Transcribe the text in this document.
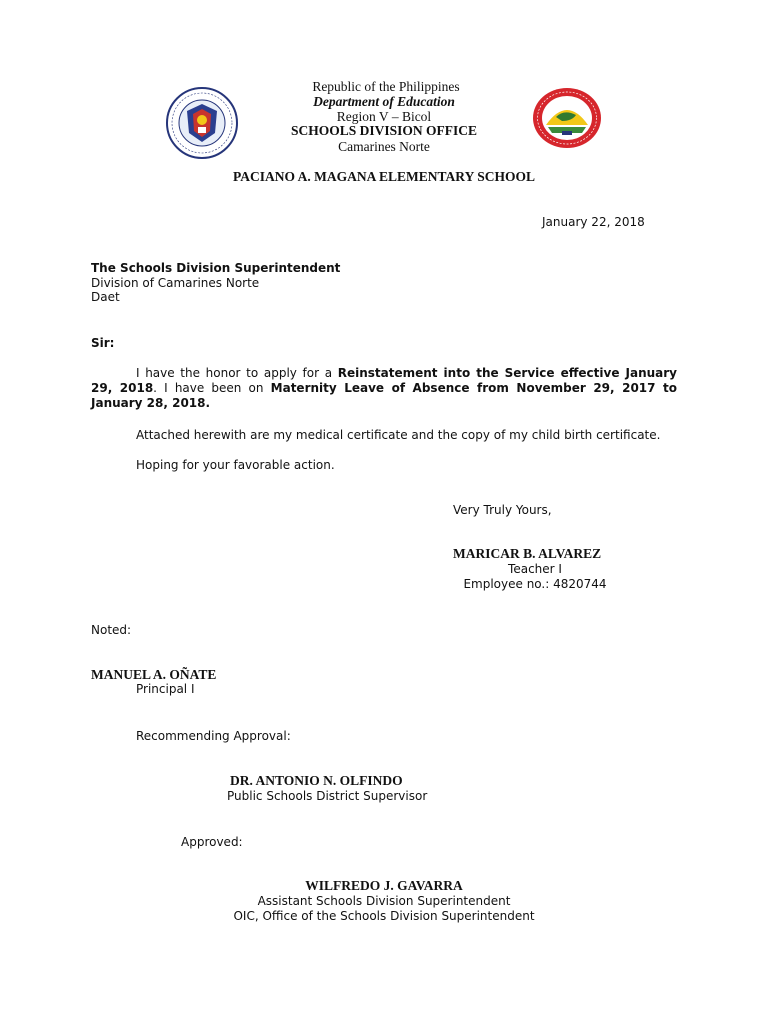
Republic of the Philippines
Department of Education
Region V – Bicol
SCHOOLS DIVISION OFFICE
Camarines Norte
PACIANO A. MAGANA ELEMENTARY SCHOOL
January 22, 2018
The Schools Division Superintendent
Division of Camarines Norte
Daet
Sir:
I have the honor to apply for a Reinstatement into the Service effective January 29, 2018. I have been on Maternity Leave of Absence from November 29, 2017 to January 28, 2018.
Attached herewith are my medical certificate and the copy of my child birth certificate.
Hoping for your favorable action.
Very Truly Yours,
MARICAR B. ALVAREZ
Teacher I
Employee no.: 4820744
Noted:
MANUEL A. OÑATE
Principal I
Recommending Approval:
DR. ANTONIO N. OLFINDO
Public Schools District Supervisor
Approved:
WILFREDO J. GAVARRA
Assistant Schools Division Superintendent
OIC, Office of the Schools Division Superintendent
